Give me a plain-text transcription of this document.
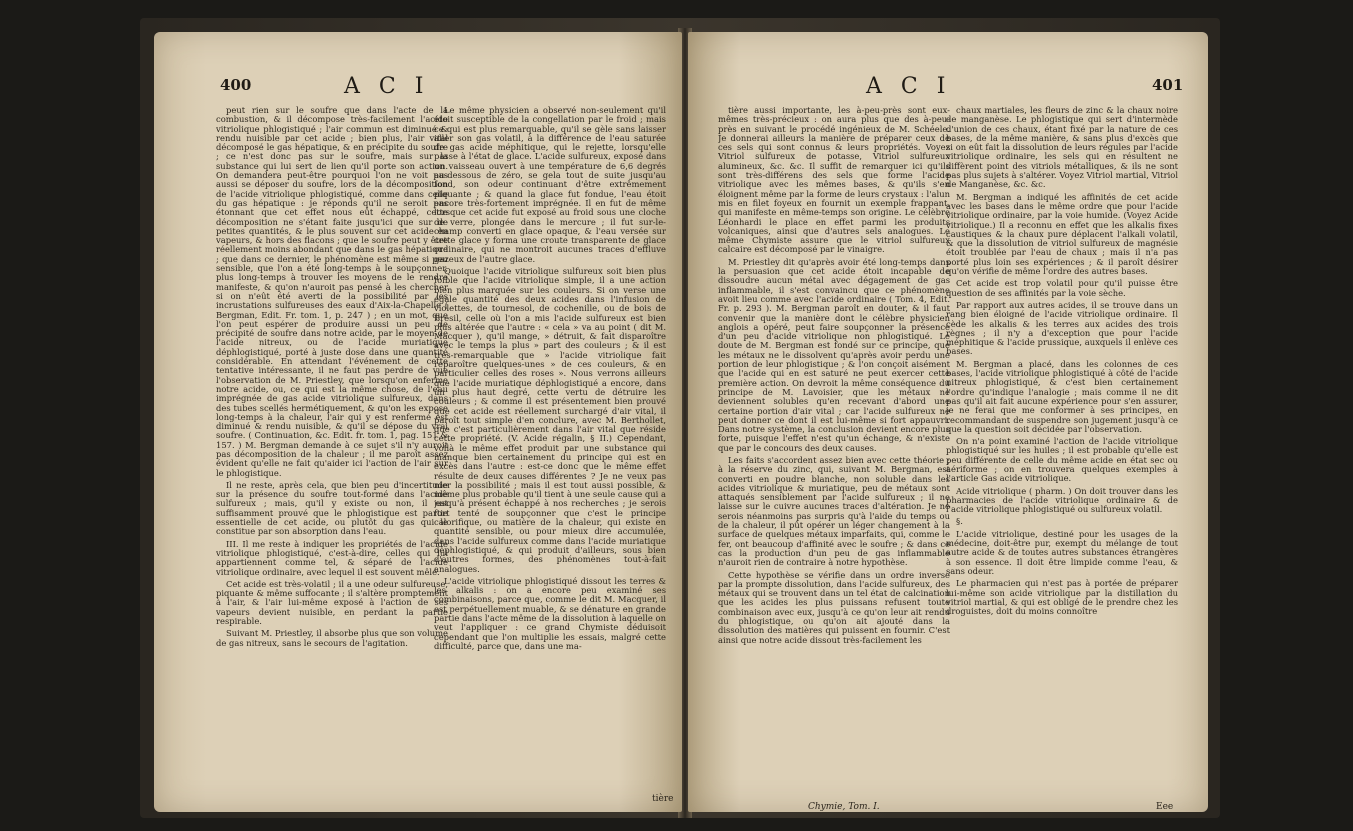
400	A C I

peut rien sur le soufre que dans l'acte de la combustion, & il décompose très-facilement l'acide vitriolique phlogistiqué ; l'air commun est diminué & rendu nuisible par cet acide ; bien plus, l'air vital décomposé le gas hépatique, & en précipite du soufre ; ce n'est donc pas sur le soufre, mais sur la substance qui lui sert de lien qu'il porte son action. On demandera peut-être pourquoi l'on ne voit pas aussi se déposer du soufre, lors de la décomposition de l'acide vitriolique phlogistiqué, comme dans celle du gas hépatique : je réponds qu'il ne seroit pas étonnant que cet effet nous eût échappé, cette décomposition ne s'étant faite jusqu'ici que sur de petites quantités, & le plus souvent sur cet acide en vapeurs, & hors des flacons ; que le soufre peut y être réellement moins abondant que dans le gas hépatique ; que dans ce dernier, le phénomène est même si peu sensible, que l'on a été long-temps à le soupçonner, plus long-temps à trouver les moyens de le rendre manifeste, & qu'on n'auroit pas pensé à les chercher si on n'eût été averti de la possibilité par les incrustations sulfureuses des eaux d'Aix-la-Chapelle ( Bergman, Edit. Fr. tom. 1, p. 247 ) ; en un mot, que l'on peut espérer de produire aussi un peu de précipité de soufre dans notre acide, par le moyen de l'acide nitreux, ou de l'acide muriatique déphlogistiqué, porté à juste dose dans une quantité considérable. En attendant l'événement de cette tentative intéressante, il ne faut pas perdre de vue l'observation de M. Priestley, que lorsqu'on enferme notre acide, ou, ce qui est la même chose, de l'eau imprégnée de gas acide vitriolique sulfureux, dans des tubes scellés hermétiquement, & qu'on les expose long-temps à la chaleur, l'air qui y est renfermé est diminué & rendu nuisible, & qu'il se dépose du vrai soufre. ( Continuation, &c. Edit. fr. tom. 1, pag. 151 & 157. ) M. Bergman demande à ce sujet s'il n'y auroit pas décomposition de la chaleur ; il me paroît assez évident qu'elle ne fait qu'aider ici l'action de l'air sur le phlogistique.

Il ne reste, après cela, que bien peu d'incertitude sur la présence du soufre tout-formé dans l'acide sulfureux ; mais, qu'il y existe ou non, il est suffisamment prouvé que le phlogistique est partie essentielle de cet acide, ou plutôt du gas qui le constitue par son absorption dans l'eau.

III. Il me reste à indiquer les propriétés de l'acide vitriolique phlogistiqué, c'est-à-dire, celles qui lui appartiennent comme tel, & séparé de l'acide vitriolique ordinaire, avec lequel il est souvent mêlé.

Cet acide est très-volatil ; il a une odeur sulfureuse, piquante & même suffocante ; il s'altère promptement à l'air, & l'air lui-même exposé à l'action de ses vapeurs devient nuisible, en perdant la partie respirable.

Suivant M. Priestley, il absorbe plus que son volume de gas nitreux, sans le secours de l'agitation.

Le même physicien a observé non-seulement qu'il étoit susceptible de la congellation par le froid ; mais ce qui est plus remarquable, qu'il se gèle sans laisser aller son gas volatil, à la différence de l'eau saturée de gas acide méphitique, qui le rejette, lorsqu'elle passe à l'état de glace. L'acide sulfureux, exposé dans un vaisseau ouvert à une température de 6,6 degrés au-dessous de zéro, se gela tout de suite jusqu'au fond, son odeur continuant d'être extrêmement piquante ; & quand la glace fut fondue, l'eau étoit encore très-fortement imprégnée. Il en fut de même lorsque cet acide fut exposé au froid sous une cloche de verre, plongée dans le mercure ; il fut sur-le-champ converti en glace opaque, & l'eau versée sur cette glace y forma une croute transparente de glace ordinaire, qui ne montroit aucunes traces d'effluve gazeux de l'autre glace.

Quoique l'acide vitriolique sulfureux soit bien plus foible que l'acide vitriolique simple, il a une action bien plus marquée sur les couleurs. Si on verse une égale quantité des deux acides dans l'infusion de violettes, de tournesol, de cochenille, ou de bois de Bresil, celle où l'on a mis l'acide sulfureux est bien plus altérée que l'autre : « cela » va au point ( dit M. Macquer ), qu'il mange, » détruit, & fait disparoître avec le temps la plus » part des couleurs ; & il est très-remarquable que » l'acide vitriolique fait reparoître quelques-unes » de ces couleurs, & en particulier celles des roses ». Nous verrons ailleurs que l'acide muriatique déphlogistiqué a encore, dans un plus haut degré, cette vertu de détruire les couleurs ; & comme il est présentement bien prouvé que cet acide est réellement surchargé d'air vital, il paroît tout simple d'en conclure, avec M. Berthollet, que c'est particulièrement dans l'air vital que réside cette propriété. (V. Acide régalin, § II.) Cependant, voilà le même effet produit par une substance qui manque bien certainement du principe qui est en excès dans l'autre : est-ce donc que le même effet résulte de deux causes différentes ? Je ne veux pas nier la possibilité ; mais il est tout aussi possible, & même plus probable qu'il tient à une seule cause qui a jusqu'à présent échappé à nos recherches ; je serois fort tenté de soupçonner que c'est le principe calorifique, ou matière de la chaleur, qui existe en quantité sensible, ou pour mieux dire accumulée, dans l'acide sulfureux comme dans l'acide muriatique déphlogistiqué, & qui produit d'ailleurs, sous bien d'autres formes, des phénomènes tout-à-fait analogues.

L'acide vitriolique phlogistiqué dissout les terres & les alkalis : on a encore peu examiné ses combinaisons, parce que, comme le dit M. Macquer, il est perpétuellement muable, & se dénature en grande partie dans l'acte même de la dissolution à laquelle on veut l'appliquer : ce grand Chymiste déduisoit cependant que l'on multiplie les essais, malgré cette difficulté, parce que, dans une ma-

tière
A C I	401

tière aussi importante, les à-peu-près sont eux-mêmes très-précieux : on aura plus que des à-peu-près en suivant le procédé ingénieux de M. Schéele. Je donnerai ailleurs la manière de préparer ceux de ces sels qui sont connus & leurs propriétés. Voyez Vitriol sulfureux de potasse, Vitriol sulfureux alumineux, &c. &c. Il suffit de remarquer ici qu'ils sont très-différens des sels que forme l'acide vitriolique avec les mêmes bases, & qu'ils s'en éloignent même par la forme de leurs crystaux : l'alun mis en filet foyeux en fournit un exemple frappant, qui manifeste en même-temps son origine. Le célèbre Léonhardi le place en effet parmi les produits volcaniques, ainsi que d'autres sels analogues. Le même Chymiste assure que le vitriol sulfureux calcaire est décomposé par le vinaigre.

M. Priestley dit qu'après avoir été long-temps dans la persuasion que cet acide étoit incapable de dissoudre aucun métal avec dégagement de gas inflammable, il s'est convaincu que ce phénomène avoit lieu comme avec l'acide ordinaire ( Tom. 4, Edit. Fr. p. 293 ). M. Bergman paroît en douter, & il faut convenir que la manière dont le célèbre physicien anglois a opéré, peut faire soupçonner la présence d'un peu d'acide vitriolique non phlogistiqué. Le doute de M. Bergman est fondé sur ce principe, que les métaux ne le dissolvent qu'après avoir perdu une portion de leur phlogistique ; & l'on conçoit aisément que l'acide qui en est saturé ne peut exercer cette première action. On devroit la même conséquence du principe de M. Lavoisier, que les métaux ne deviennent solubles qu'en recevant d'abord une certaine portion d'air vital ; car l'acide sulfureux ne peut donner ce dont il est lui-même si fort appauvri. Dans notre système, la conclusion devient encore plus forte, puisque l'effet n'est qu'un échange, & n'existe que par le concours des deux causes.

Les faits s'accordent assez bien avec cette théorie ; à la réserve du zinc, qui, suivant M. Bergman, est converti en poudre blanche, non soluble dans les acides vitriolique & muriatique, peu de métaux sont attaqués sensiblement par l'acide sulfureux ; il ne laisse sur le cuivre aucunes traces d'altération. Je ne serois néanmoins pas surpris qu'à l'aide du temps ou de la chaleur, il pût opérer un léger changement à la surface de quelques métaux imparfaits, qui, comme le fer, ont beaucoup d'affinité avec le soufre ; & dans ce cas la production d'un peu de gas inflammable n'auroit rien de contraire à notre hypothèse.

Cette hypothèse se vérifie dans un ordre inverse par la prompte dissolution, dans l'acide sulfureux, des métaux qui se trouvent dans un tel état de calcination que les acides les plus puissans refusent toute combinaison avec eux, jusqu'à ce qu'on leur ait rendu du phlogistique, ou qu'on ait ajouté dans la dissolution des matières qui puissent en fournir. C'est ainsi que notre acide dissout très-facilement les

chaux martiales, les fleurs de zinc & la chaux noire de manganèse. Le phlogistique qui sert d'intermède d'union de ces chaux, étant fixé par la nature de ces bases, de la même manière, & sans plus d'excès que si on eût fait la dissolution de leurs régules par l'acide vitriolique ordinaire, les sels qui en résultent ne diffèrent point des vitriols métalliques, & ils ne sont pas plus sujets à s'altérer. Voyez Vitriol martial, Vitriol de Manganèse, &c. &c.

M. Bergman a indiqué les affinités de cet acide avec les bases dans le même ordre que pour l'acide vitriolique ordinaire, par la voie humide. (Voyez Acide vitriolique.) Il a reconnu en effet que les alkalis fixes caustiques & la chaux pure déplacent l'alkali volatil, & que la dissolution de vitriol sulfureux de magnésie étoit troublée par l'eau de chaux ; mais il n'a pas porté plus loin ses expériences ; & il paroît désirer qu'on vérifie de même l'ordre des autres bases.

Cet acide est trop volatil pour qu'il puisse être question de ses affinités par la voie sèche.

Par rapport aux autres acides, il se trouve dans un rang bien éloigné de l'acide vitriolique ordinaire. Il cède les alkalis & les terres aux acides des trois règnes ; il n'y a d'exception que pour l'acide méphitique & l'acide prussique, auxquels il enlève ces bases.

M. Bergman a placé, dans les colonnes de ces bases, l'acide vitriolique phlogistiqué à côté de l'acide nitreux phlogistiqué, & c'est bien certainement l'ordre qu'indique l'analogie ; mais comme il ne dit pas qu'il ait fait aucune expérience pour s'en assurer, je ne ferai que me conformer à ses principes, en recommandant de suspendre son jugement jusqu'à ce que la question soit décidée par l'observation.

On n'a point examiné l'action de l'acide vitriolique phlogistiqué sur les huiles ; il est probable qu'elle est peu différente de celle du même acide en état sec ou aériforme ; on en trouvera quelques exemples à l'article Gas acide vitriolique.

Acide vitriolique ( pharm. ) On doit trouver dans les pharmacies de l'acide vitriolique ordinaire & de l'acide vitriolique phlogistiqué ou sulfureux volatil.

§.

L'acide vitriolique, destiné pour les usages de la médecine, doit-être pur, exempt du mélange de tout autre acide & de toutes autres substances étrangères à son essence. Il doit être limpide comme l'eau, & sans odeur.

Le pharmacien qui n'est pas à portée de préparer lui-même son acide vitriolique par la distillation du vitriol martial, & qui est obligé de le prendre chez les droguistes, doit du moins connoître

Chymie, Tom. I.	Eee
